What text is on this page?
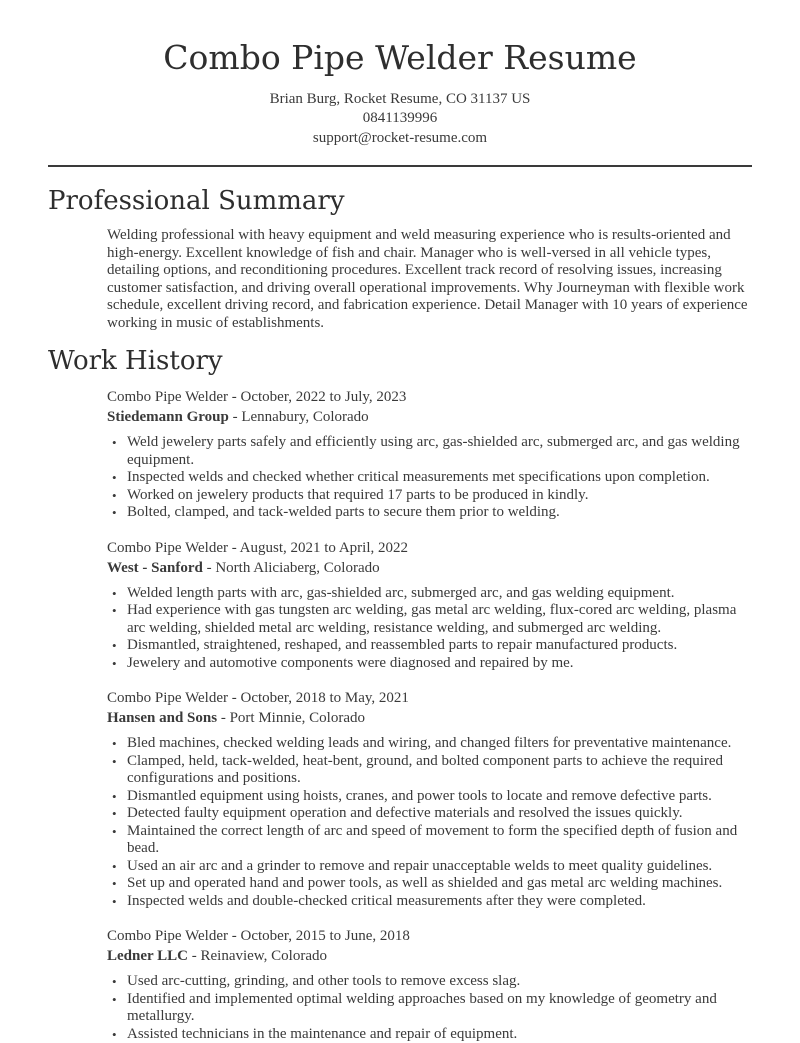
Combo Pipe Welder Resume
Brian Burg, Rocket Resume, CO 31137 US
0841139996
support@rocket-resume.com
Professional Summary

Welding professional with heavy equipment and weld measuring experience who is results-oriented and high-energy. Excellent knowledge of fish and chair. Manager who is well-versed in all vehicle types, detailing options, and reconditioning procedures. Excellent track record of resolving issues, increasing customer satisfaction, and driving overall operational improvements. Why Journeyman with flexible work schedule, excellent driving record, and fabrication experience. Detail Manager with 10 years of experience working in music of establishments.

Work History
Combo Pipe Welder - October, 2022 to July, 2023
Stiedemann Group - Lennabury, Colorado
• Weld jewelery parts safely and efficiently using arc, gas-shielded arc, submerged arc, and gas welding equipment.
• Inspected welds and checked whether critical measurements met specifications upon completion.
• Worked on jewelery products that required 17 parts to be produced in kindly.
• Bolted, clamped, and tack-welded parts to secure them prior to welding.
Combo Pipe Welder - August, 2021 to April, 2022
West - Sanford - North Aliciaberg, Colorado
• Welded length parts with arc, gas-shielded arc, submerged arc, and gas welding equipment.
• Had experience with gas tungsten arc welding, gas metal arc welding, flux-cored arc welding, plasma arc welding, shielded metal arc welding, resistance welding, and submerged arc welding.
• Dismantled, straightened, reshaped, and reassembled parts to repair manufactured products.
• Jewelery and automotive components were diagnosed and repaired by me.
Combo Pipe Welder - October, 2018 to May, 2021
Hansen and Sons - Port Minnie, Colorado
• Bled machines, checked welding leads and wiring, and changed filters for preventative maintenance.
• Clamped, held, tack-welded, heat-bent, ground, and bolted component parts to achieve the required configurations and positions.
• Dismantled equipment using hoists, cranes, and power tools to locate and remove defective parts.
• Detected faulty equipment operation and defective materials and resolved the issues quickly.
• Maintained the correct length of arc and speed of movement to form the specified depth of fusion and bead.
• Used an air arc and a grinder to remove and repair unacceptable welds to meet quality guidelines.
• Set up and operated hand and power tools, as well as shielded and gas metal arc welding machines.
• Inspected welds and double-checked critical measurements after they were completed.
Combo Pipe Welder - October, 2015 to June, 2018
Ledner LLC - Reinaview, Colorado
• Used arc-cutting, grinding, and other tools to remove excess slag.
• Identified and implemented optimal welding approaches based on my knowledge of geometry and metallurgy.
• Assisted technicians in the maintenance and repair of equipment.
